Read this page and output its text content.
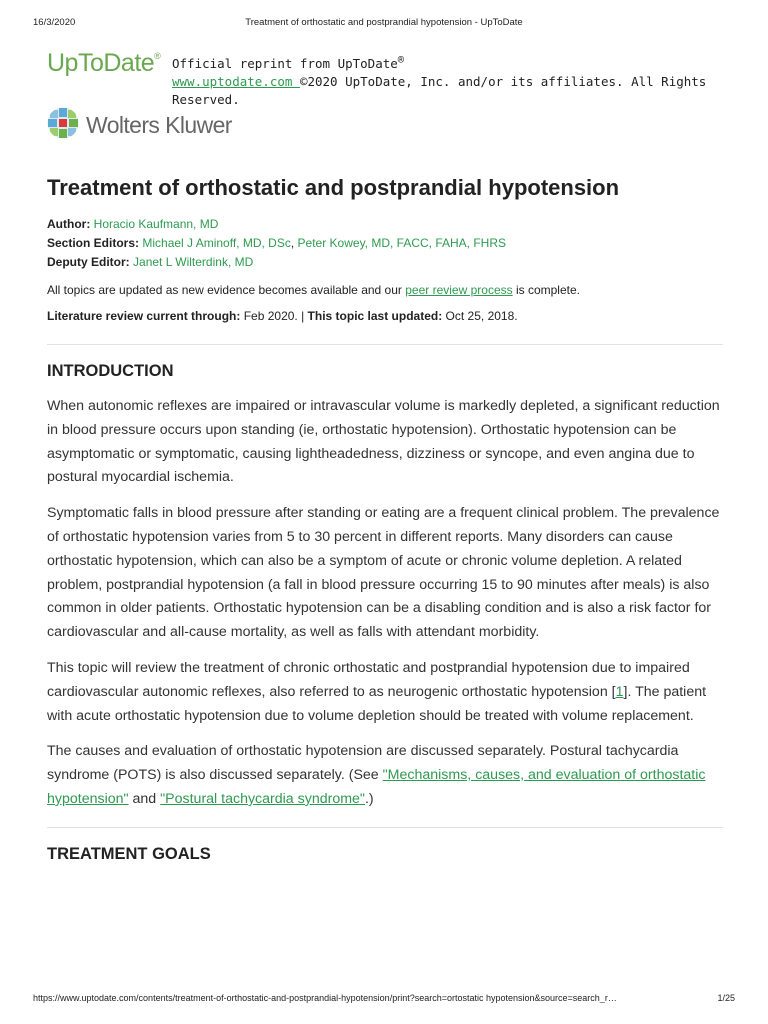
16/3/2020	Treatment of orthostatic and postprandial hypotension - UpToDate
UpToDate®
Official reprint from UpToDate®
www.uptodate.com ©2020 UpToDate, Inc. and/or its affiliates. All Rights Reserved.
Wolters Kluwer
Treatment of orthostatic and postprandial hypotension
Author: Horacio Kaufmann, MD
Section Editors: Michael J Aminoff, MD, DSc, Peter Kowey, MD, FACC, FAHA, FHRS
Deputy Editor: Janet L Wilterdink, MD
All topics are updated as new evidence becomes available and our peer review process is complete.
Literature review current through: Feb 2020. | This topic last updated: Oct 25, 2018.
INTRODUCTION

When autonomic reflexes are impaired or intravascular volume is markedly depleted, a significant reduction in blood pressure occurs upon standing (ie, orthostatic hypotension). Orthostatic hypotension can be asymptomatic or symptomatic, causing lightheadedness, dizziness or syncope, and even angina due to postural myocardial ischemia.

Symptomatic falls in blood pressure after standing or eating are a frequent clinical problem. The prevalence of orthostatic hypotension varies from 5 to 30 percent in different reports. Many disorders can cause orthostatic hypotension, which can also be a symptom of acute or chronic volume depletion. A related problem, postprandial hypotension (a fall in blood pressure occurring 15 to 90 minutes after meals) is also common in older patients. Orthostatic hypotension can be a disabling condition and is also a risk factor for cardiovascular and all-cause mortality, as well as falls with attendant morbidity.

This topic will review the treatment of chronic orthostatic and postprandial hypotension due to impaired cardiovascular autonomic reflexes, also referred to as neurogenic orthostatic hypotension [1]. The patient with acute orthostatic hypotension due to volume depletion should be treated with volume replacement.

The causes and evaluation of orthostatic hypotension are discussed separately. Postural tachycardia syndrome (POTS) is also discussed separately. (See "Mechanisms, causes, and evaluation of orthostatic hypotension" and "Postural tachycardia syndrome".)

TREATMENT GOALS
https://www.uptodate.com/contents/treatment-of-orthostatic-and-postprandial-hypotension/print?search=ortostatic hypotension&source=search_r…	1/25
